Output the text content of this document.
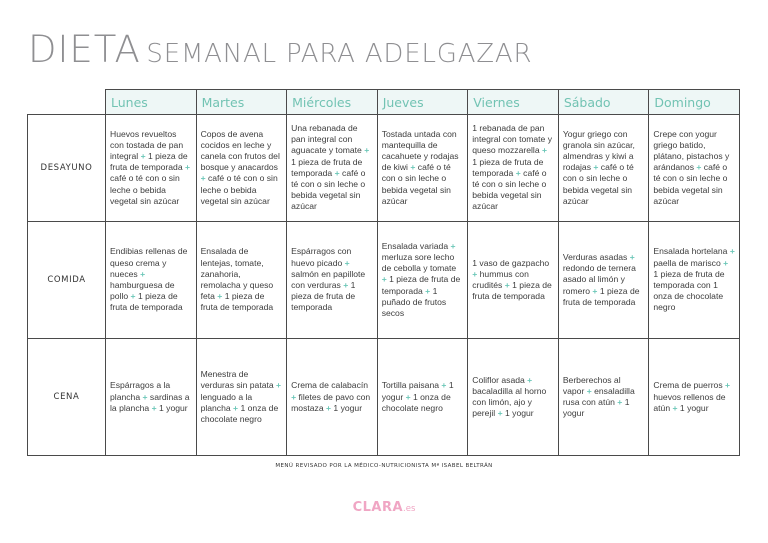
DIETA SEMANAL PARA ADELGAZAR
	Lunes	Martes	Miércoles	Jueves	Viernes	Sábado	Domingo
DESAYUNO	Huevos revueltos con tostada de pan integral + 1 pieza de fruta de temporada + café o té con o sin leche o bebida vegetal sin azúcar	Copos de avena cocidos en leche y canela con frutos del bosque y anacardos + café o té con o sin leche o bebida vegetal sin azúcar	Una rebanada de pan integral con aguacate y tomate + 1 pieza de fruta de temporada + café o té con o sin leche o bebida vegetal sin azúcar	Tostada untada con mantequilla de cacahuete y rodajas de kiwi + café o té con o sin leche o bebida vegetal sin azúcar	1 rebanada de pan integral con tomate y queso mozzarella + 1 pieza de fruta de temporada + café o té con o sin leche o bebida vegetal sin azúcar	Yogur griego con granola sin azúcar, almendras y kiwi a rodajas + café o té con o sin leche o bebida vegetal sin azúcar	Crepe con yogur griego batido, plátano, pistachos y arándanos + café o té con o sin leche o bebida vegetal sin azúcar
COMIDA	Endibias rellenas de queso crema y nueces + hamburguesa de pollo + 1 pieza de fruta de temporada	Ensalada de lentejas, tomate, zanahoria, remolacha y queso feta + 1 pieza de fruta de temporada	Espárragos con huevo picado + salmón en papillote con verduras + 1 pieza de fruta de temporada	Ensalada variada + merluza sore lecho de cebolla y tomate + 1 pieza de fruta de temporada + 1 puñado de frutos secos	1 vaso de gazpacho + hummus con crudités + 1 pieza de fruta de temporada	Verduras asadas + redondo de ternera asado al limón y romero + 1 pieza de fruta de temporada	Ensalada hortelana + paella de marisco + 1 pieza de fruta de temporada con 1 onza de chocolate negro
CENA	Espárragos a la plancha + sardinas a la plancha + 1 yogur	Menestra de verduras sin patata + lenguado a la plancha + 1 onza de chocolate negro	Crema de calabacín + filetes de pavo con mostaza + 1 yogur	Tortilla paisana + 1 yogur + 1 onza de chocolate negro	Coliflor asada + bacaladilla al horno con limón, ajo y perejil + 1 yogur	Berberechos al vapor + ensaladilla rusa con atún + 1 yogur	Crema de puerros + huevos rellenos de atún + 1 yogur
MENÚ REVISADO POR LA MÉDICO-NUTRICIONISTA Mª ISABEL BELTRÁN
CLARA.es
